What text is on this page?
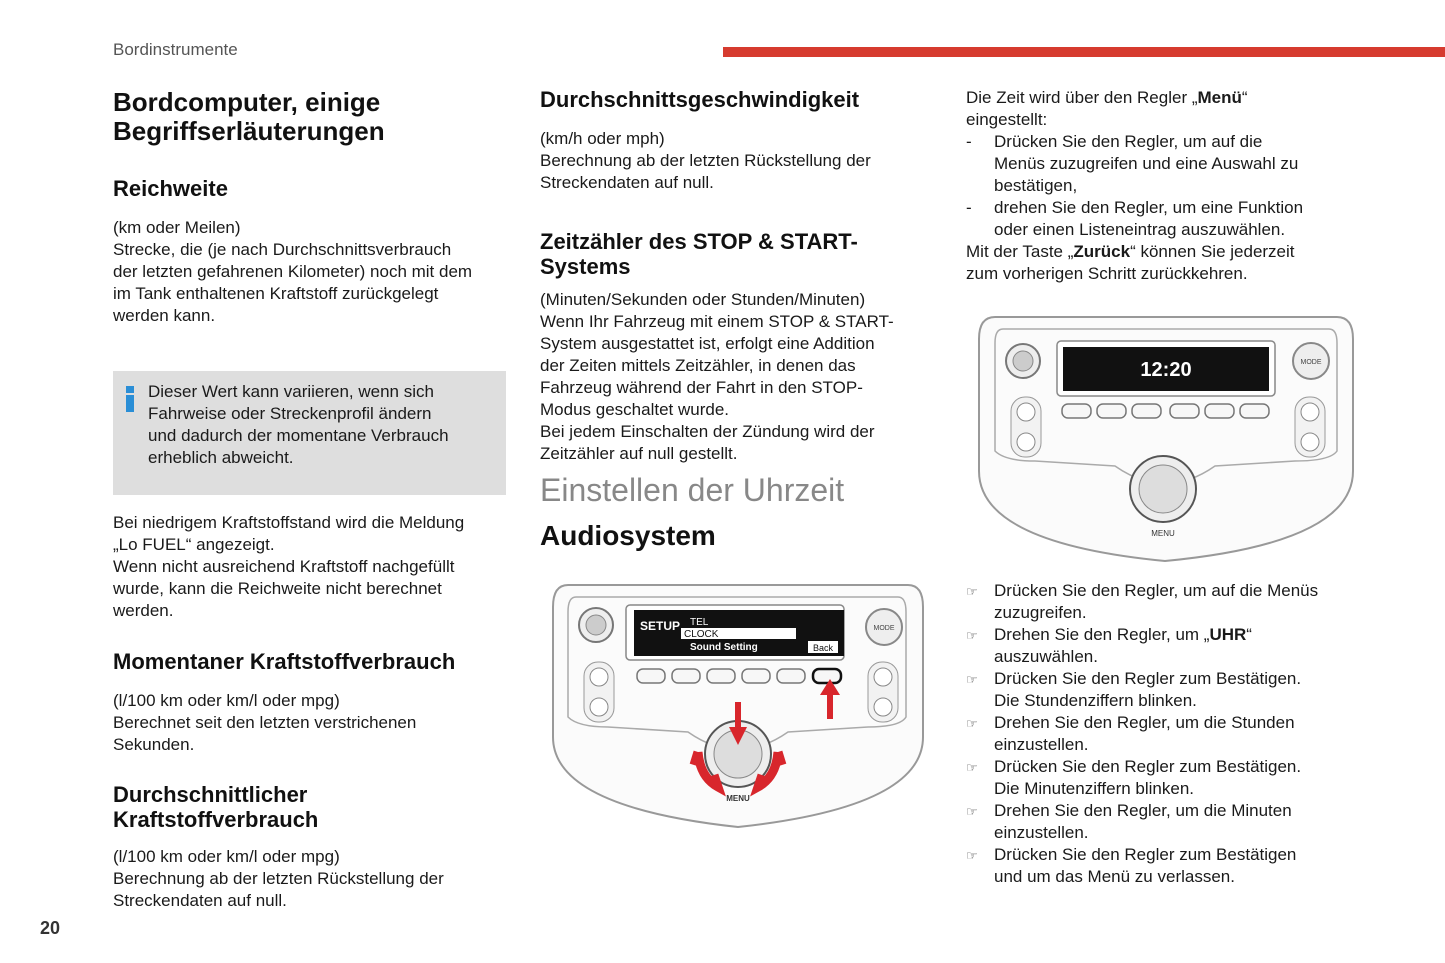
Bordinstrumente
20
Bordcomputer, einige
Begriffserläuterungen
Reichweite
(km oder Meilen)
Strecke, die (je nach Durchschnittsverbrauch
der letzten gefahrenen Kilometer) noch mit dem
im Tank enthaltenen Kraftstoff zurückgelegt
werden kann.
Dieser Wert kann variieren, wenn sich
Fahrweise oder Streckenprofil ändern
und dadurch der momentane Verbrauch
erheblich abweicht.
Bei niedrigem Kraftstoffstand wird die Meldung
„Lo FUEL“ angezeigt.
Wenn nicht ausreichend Kraftstoff nachgefüllt
wurde, kann die Reichweite nicht berechnet
werden.
Momentaner Kraftstoffverbrauch
(l/100 km oder km/l oder mpg)
Berechnet seit den letzten verstrichenen
Sekunden.
Durchschnittlicher
Kraftstoffverbrauch
(l/100 km oder km/l oder mpg)
Berechnung ab der letzten Rückstellung der
Streckendaten auf null.
Durchschnittsgeschwindigkeit
(km/h oder mph)
Berechnung ab der letzten Rückstellung der
Streckendaten auf null.
Zeitzähler des STOP & START-
Systems
(Minuten/Sekunden oder Stunden/Minuten)
Wenn Ihr Fahrzeug mit einem STOP & START-
System ausgestattet ist, erfolgt eine Addition
der Zeiten mittels Zeitzähler, in denen das
Fahrzeug während der Fahrt in den STOP-
Modus geschaltet wurde.
Bei jedem Einschalten der Zündung wird der
Zeitzähler auf null gestellt.
Einstellen der Uhrzeit
Audiosystem
SETUP TEL
CLOCK
Sound Setting	Back
MODE
MENU
Die Zeit wird über den Regler „Menü“
eingestellt:
- Drücken Sie den Regler, um auf die
Menüs zuzugreifen und eine Auswahl zu
bestätigen,
- drehen Sie den Regler, um eine Funktion
oder einen Listeneintrag auszuwählen.
Mit der Taste „Zurück“ können Sie jederzeit
zum vorherigen Schritt zurückkehren.
12:20	MODE
MENU
☞ Drücken Sie den Regler, um auf die Menüs
zuzugreifen.
☞ Drehen Sie den Regler, um „UHR“
auszuwählen.
☞ Drücken Sie den Regler zum Bestätigen.
Die Stundenziffern blinken.
☞ Drehen Sie den Regler, um die Stunden
einzustellen.
☞ Drücken Sie den Regler zum Bestätigen.
Die Minutenziffern blinken.
☞ Drehen Sie den Regler, um die Minuten
einzustellen.
☞ Drücken Sie den Regler zum Bestätigen
und um das Menü zu verlassen.
